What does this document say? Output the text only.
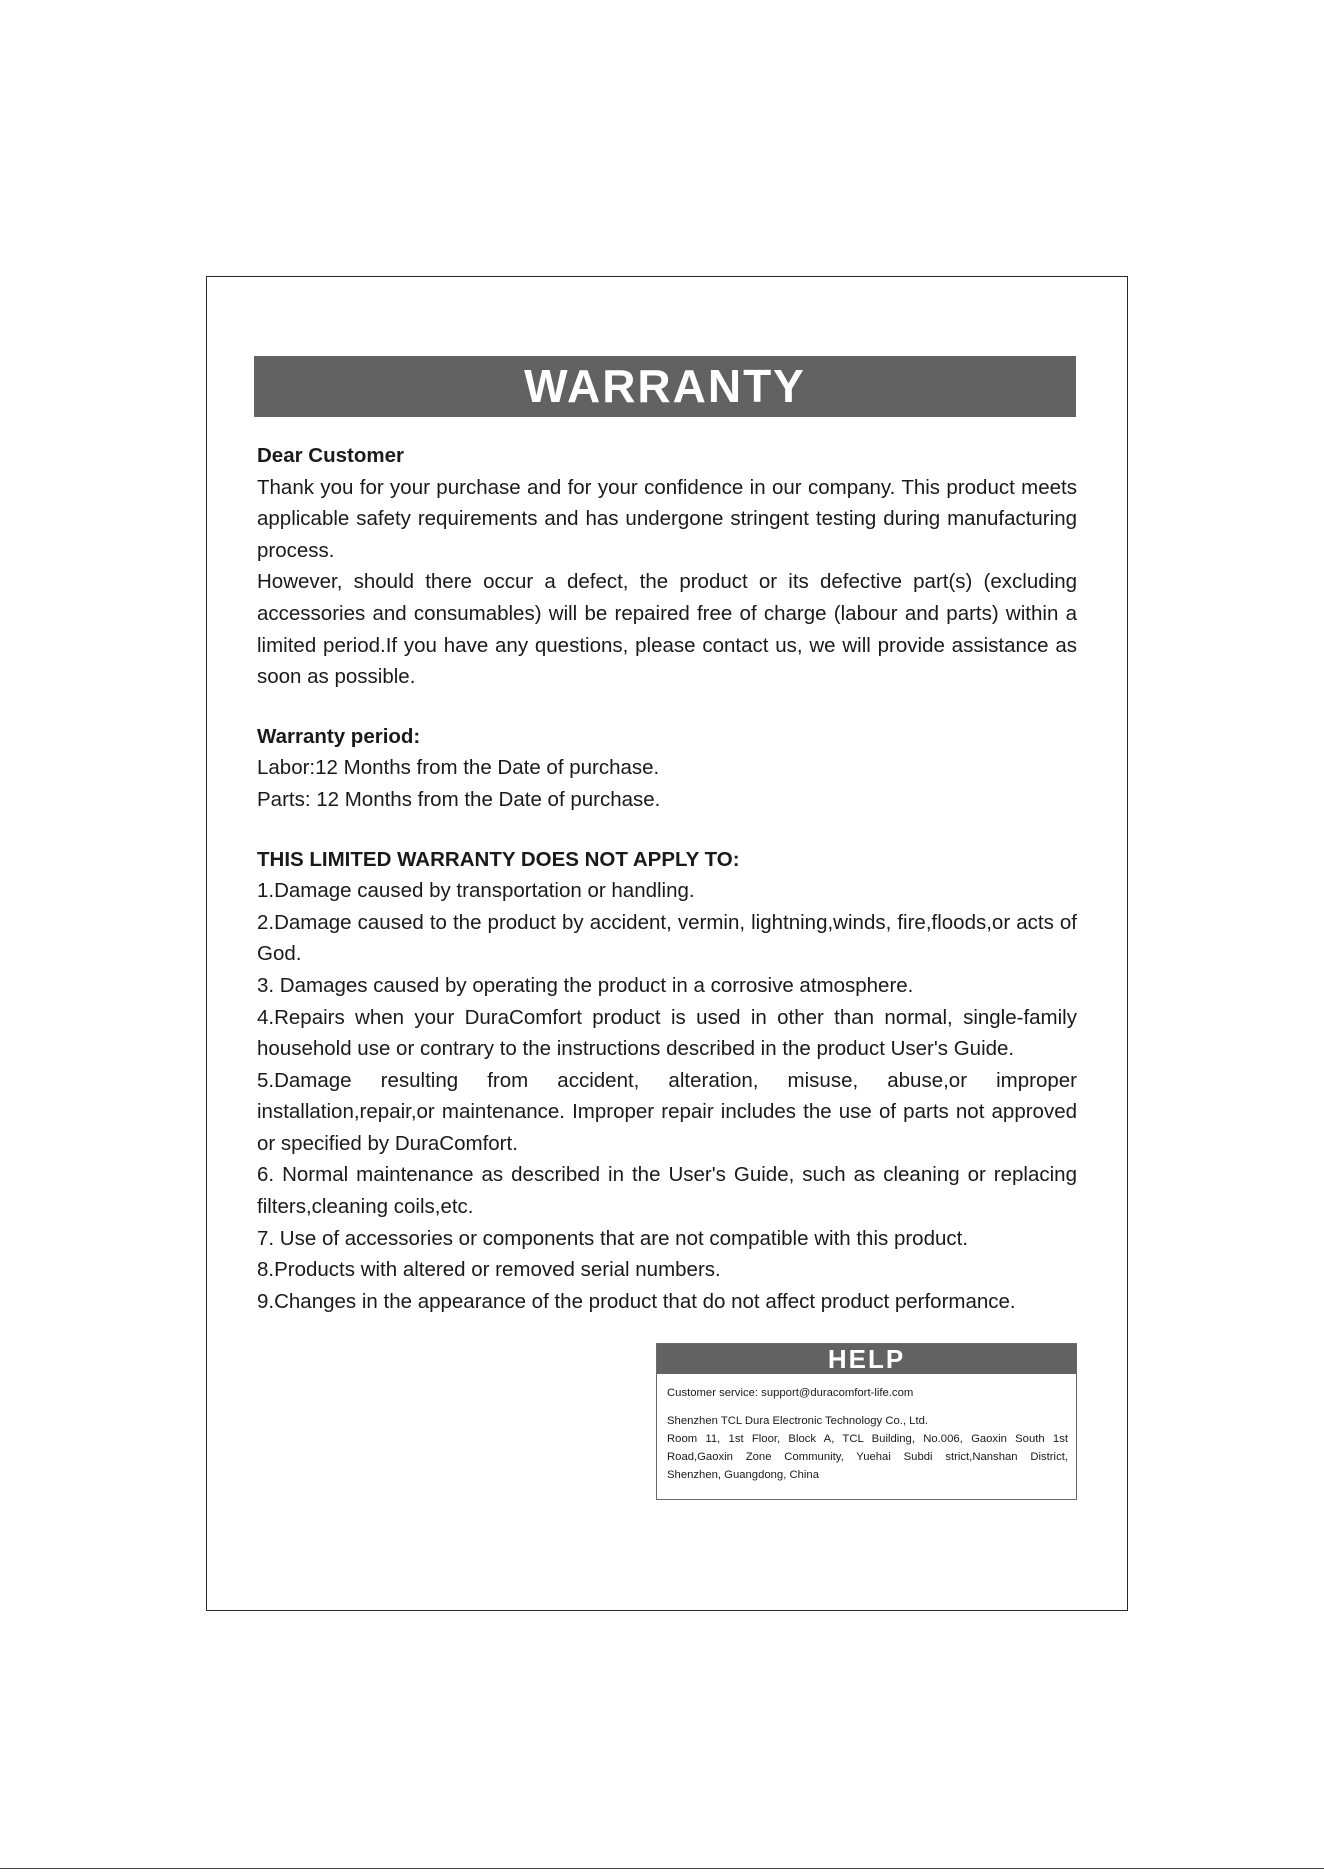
WARRANTY

Dear Customer

Thank you for your purchase and for your confidence in our company. This product meets applicable safety requirements and has undergone stringent testing during manufacturing process.

However, should there occur a defect, the product or its defective part(s) (excluding accessories and consumables) will be repaired free of charge (labour and parts) within a limited period.If you have any questions, please contact us, we will provide assistance as soon as possible.

Warranty period:

Labor:12 Months from the Date of purchase.

Parts: 12 Months from the Date of purchase.

THIS LIMITED WARRANTY DOES NOT APPLY TO:

1.Damage caused by transportation or handling.

2.Damage caused to the product by accident, vermin, lightning,winds, fire,floods,or acts of God.

3. Damages caused by operating the product in a corrosive atmosphere.

4.Repairs when your DuraComfort product is used in other than normal, single-family household use or contrary to the instructions described in the product User's Guide.

5.Damage resulting from accident, alteration, misuse, abuse,or improper installation,repair,or maintenance. Improper repair includes the use of parts not approved or specified by DuraComfort.

6. Normal maintenance as described in the User's Guide, such as cleaning or replacing filters,cleaning coils,etc.

7. Use of accessories or components that are not compatible with this product.

8.Products with altered or removed serial numbers.

9.Changes in the appearance of the product that do not affect product performance.

HELP

Customer service: support@duracomfort-life.com

Shenzhen TCL Dura Electronic Technology Co., Ltd.

Room 11, 1st Floor, Block A, TCL Building, No.006, Gaoxin South 1st

Road,Gaoxin Zone Community, Yuehai Subdi strict,Nanshan District,

Shenzhen, Guangdong, China
